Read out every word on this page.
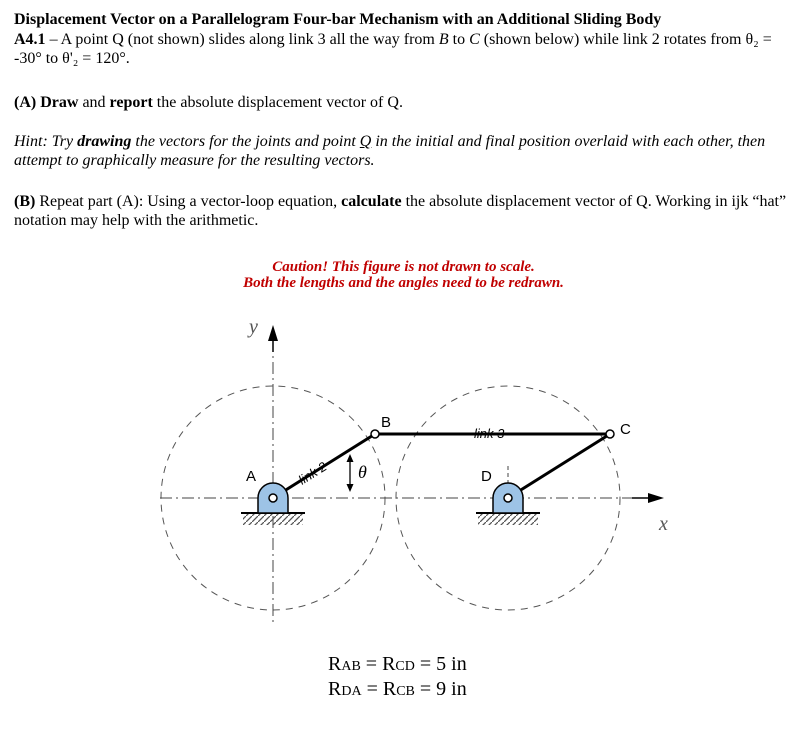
Displacement Vector on a Parallelogram Four-bar Mechanism with an Additional Sliding Body
A4.1 – A point Q (not shown) slides along link 3 all the way from B to C (shown below) while link 2 rotates from θ₂ = -30° to θ'₂ = 120°.
(A) Draw and report the absolute displacement vector of Q.
Hint: Try drawing the vectors for the joints and point Q in the initial and final position overlaid with each other, then attempt to graphically measure for the resulting vectors.
(B) Repeat part (A): Using a vector-loop equation, calculate the absolute displacement vector of Q. Working in ijk “hat” notation may help with the arithmetic.
Caution! This figure is not drawn to scale.
Both the lengths and the angles need to be redrawn.
y
x
A
B	C
D
link 2
link 3
θ
RAB = RCD = 5 in
RDA = RCB = 9 in
